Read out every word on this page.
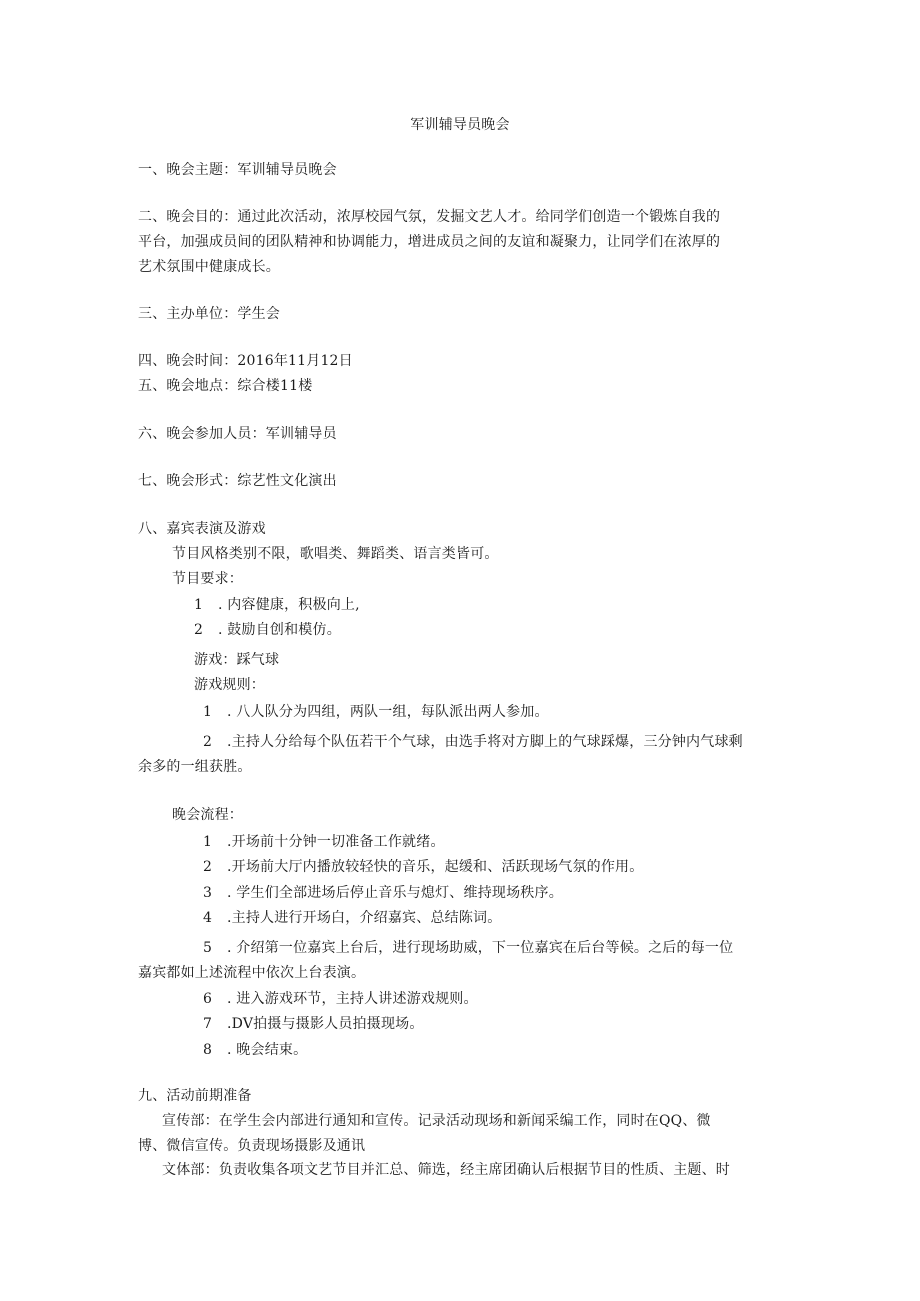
军训辅导员晚会
一、晚会主题：军训辅导员晚会
二、晚会目的：通过此次活动，浓厚校园气氛，发掘文艺人才。给同学们创造一个锻炼自我的
平台，加强成员间的团队精神和协调能力，增进成员之间的友谊和凝聚力，让同学们在浓厚的
艺术氛围中健康成长。
三、主办单位：学生会
四、晚会时间：2016年11月12日
五、晚会地点：综合楼11楼
六、晚会参加人员：军训辅导员
七、晚会形式：综艺性文化演出
八、嘉宾表演及游戏
节目风格类别不限，歌唱类、舞蹈类、语言类皆可。
节目要求：
1 . 内容健康，积极向上,
2 . 鼓励自创和模仿。
游戏：踩气球
游戏规则：
1 . 八人队分为四组，两队一组，每队派出两人参加。
2 .主持人分给每个队伍若干个气球，由选手将对方脚上的气球踩爆，三分钟内气球剩
余多的一组获胜。
晚会流程：
1 .开场前十分钟一切准备工作就绪。
2 .开场前大厅内播放较轻快的音乐，起缓和、活跃现场气氛的作用。
3 . 学生们全部进场后停止音乐与熄灯、维持现场秩序。
4 .主持人进行开场白，介绍嘉宾、总结陈词。
5 . 介绍第一位嘉宾上台后，进行现场助威，下一位嘉宾在后台等候。之后的每一位
嘉宾都如上述流程中依次上台表演。
6 . 进入游戏环节，主持人讲述游戏规则。
7 .DV拍摄与摄影人员拍摄现场。
8 . 晚会结束。
九、活动前期准备
宣传部：在学生会内部进行通知和宣传。记录活动现场和新闻采编工作，同时在QQ、微
博、微信宣传。负责现场摄影及通讯
文体部：负责收集各项文艺节目并汇总、筛选，经主席团确认后根据节目的性质、主题、时
